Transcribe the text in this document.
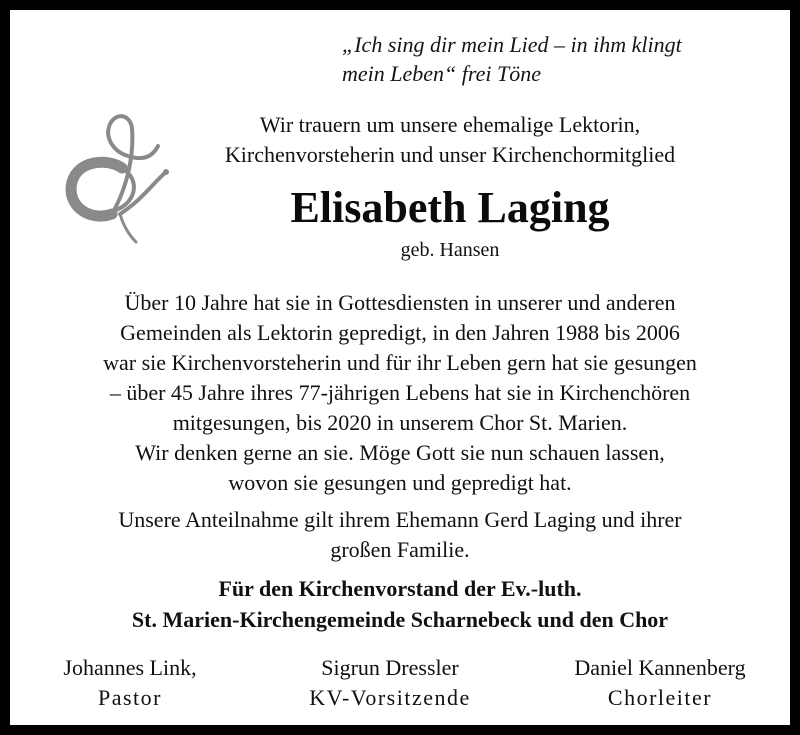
„Ich sing dir mein Lied – in ihm klingt
mein Leben“ frei Töne
Wir trauern um unsere ehemalige Lektorin,
Kirchenvorsteherin und unser Kirchenchormitglied
Elisabeth Laging
geb. Hansen
Über 10 Jahre hat sie in Gottesdiensten in unserer und anderen
Gemeinden als Lektorin gepredigt, in den Jahren 1988 bis 2006
war sie Kirchenvorsteherin und für ihr Leben gern hat sie gesungen
– über 45 Jahre ihres 77-jährigen Lebens hat sie in Kirchenchören
mitgesungen, bis 2020 in unserem Chor St. Marien.
Wir denken gerne an sie. Möge Gott sie nun schauen lassen,
wovon sie gesungen und gepredigt hat.
Unsere Anteilnahme gilt ihrem Ehemann Gerd Laging und ihrer
großen Familie.
Für den Kirchenvorstand der Ev.-luth.
St. Marien-Kirchengemeinde Scharnebeck und den Chor
Johannes Link,
Pastor
Sigrun Dressler
KV-Vorsitzende
Daniel Kannenberg
Chorleiter
